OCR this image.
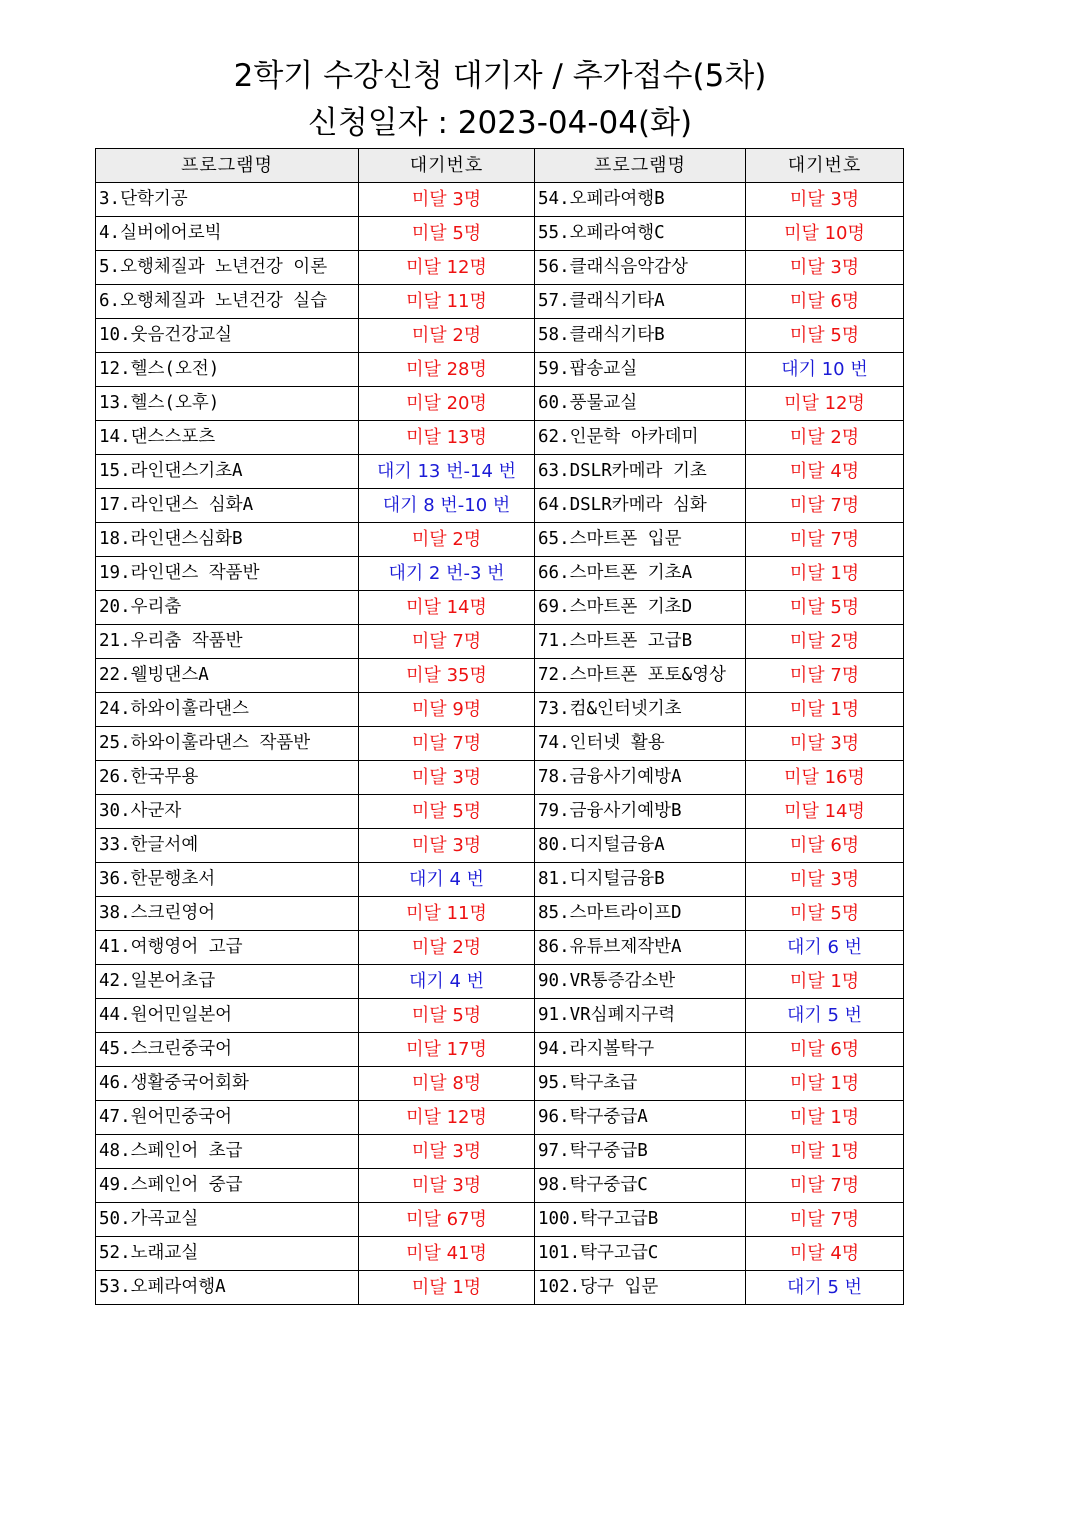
2학기 수강신청 대기자 / 추가접수(5차)
신청일자 : 2023-04-04(화)
프로그램명	대기번호	프로그램명	대기번호
3.단학기공	미달 3명	54.오페라여행B	미달 3명
4.실버에어로빅	미달 5명	55.오페라여행C	미달 10명
5.오행체질과 노년건강 이론	미달 12명	56.클래식음악감상	미달 3명
6.오행체질과 노년건강 실습	미달 11명	57.클래식기타A	미달 6명
10.웃음건강교실	미달 2명	58.클래식기타B	미달 5명
12.헬스(오전)	미달 28명	59.팝송교실	대기 10 번
13.헬스(오후)	미달 20명	60.풍물교실	미달 12명
14.댄스스포츠	미달 13명	62.인문학 아카데미	미달 2명
15.라인댄스기초A	대기 13 번-14 번	63.DSLR카메라 기초	미달 4명
17.라인댄스 심화A	대기 8 번-10 번	64.DSLR카메라 심화	미달 7명
18.라인댄스심화B	미달 2명	65.스마트폰 입문	미달 7명
19.라인댄스 작품반	대기 2 번-3 번	66.스마트폰 기초A	미달 1명
20.우리춤	미달 14명	69.스마트폰 기초D	미달 5명
21.우리춤 작품반	미달 7명	71.스마트폰 고급B	미달 2명
22.웰빙댄스A	미달 35명	72.스마트폰 포토&영상	미달 7명
24.하와이훌라댄스	미달 9명	73.컴&인터넷기초	미달 1명
25.하와이훌라댄스 작품반	미달 7명	74.인터넷 활용	미달 3명
26.한국무용	미달 3명	78.금융사기예방A	미달 16명
30.사군자	미달 5명	79.금융사기예방B	미달 14명
33.한글서예	미달 3명	80.디지털금융A	미달 6명
36.한문행초서	대기 4 번	81.디지털금융B	미달 3명
38.스크린영어	미달 11명	85.스마트라이프D	미달 5명
41.여행영어 고급	미달 2명	86.유튜브제작반A	대기 6 번
42.일본어초급	대기 4 번	90.VR통증감소반	미달 1명
44.원어민일본어	미달 5명	91.VR심폐지구력	대기 5 번
45.스크린중국어	미달 17명	94.라지볼탁구	미달 6명
46.생활중국어회화	미달 8명	95.탁구초급	미달 1명
47.원어민중국어	미달 12명	96.탁구중급A	미달 1명
48.스페인어 초급	미달 3명	97.탁구중급B	미달 1명
49.스페인어 중급	미달 3명	98.탁구중급C	미달 7명
50.가곡교실	미달 67명	100.탁구고급B	미달 7명
52.노래교실	미달 41명	101.탁구고급C	미달 4명
53.오페라여행A	미달 1명	102.당구 입문	대기 5 번
